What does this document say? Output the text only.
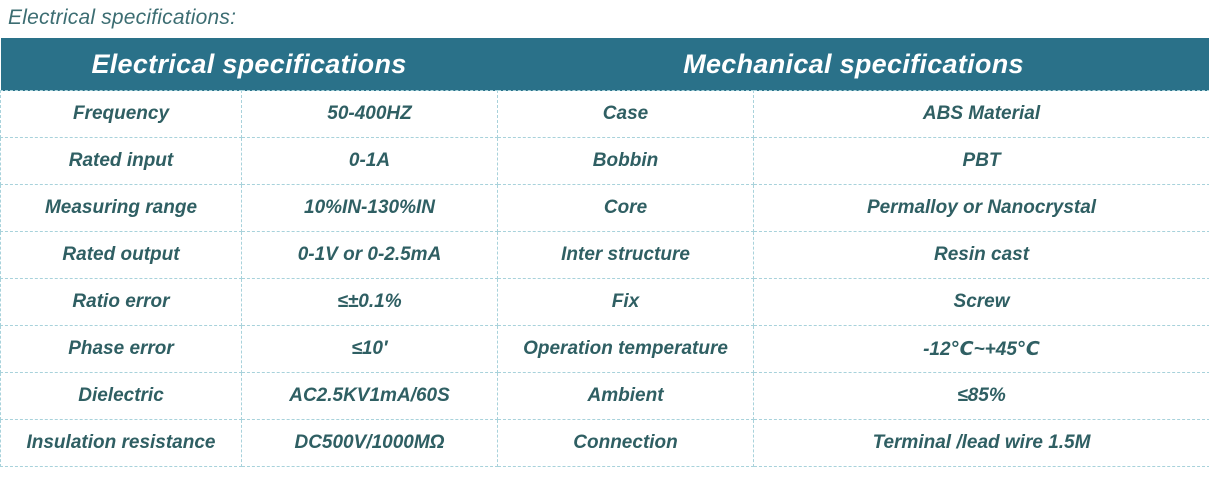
Electrical specifications:
Electrical specifications		Mechanical specifications	
Frequency	50-400HZ	Case	ABS Material
Rated input	0-1A	Bobbin	PBT
Measuring range	10%IN-130%IN	Core	Permalloy or Nanocrystal
Rated output	0-1V or 0-2.5mA	Inter structure	Resin cast
Ratio error	≤±0.1%	Fix	Screw
Phase error	≤10′	Operation temperature	-12℃~+45℃
Dielectric	AC2.5KV1mA/60S	Ambient	≤85%
Insulation resistance	DC500V/1000MΩ	Connection	Terminal /lead wire 1.5M
